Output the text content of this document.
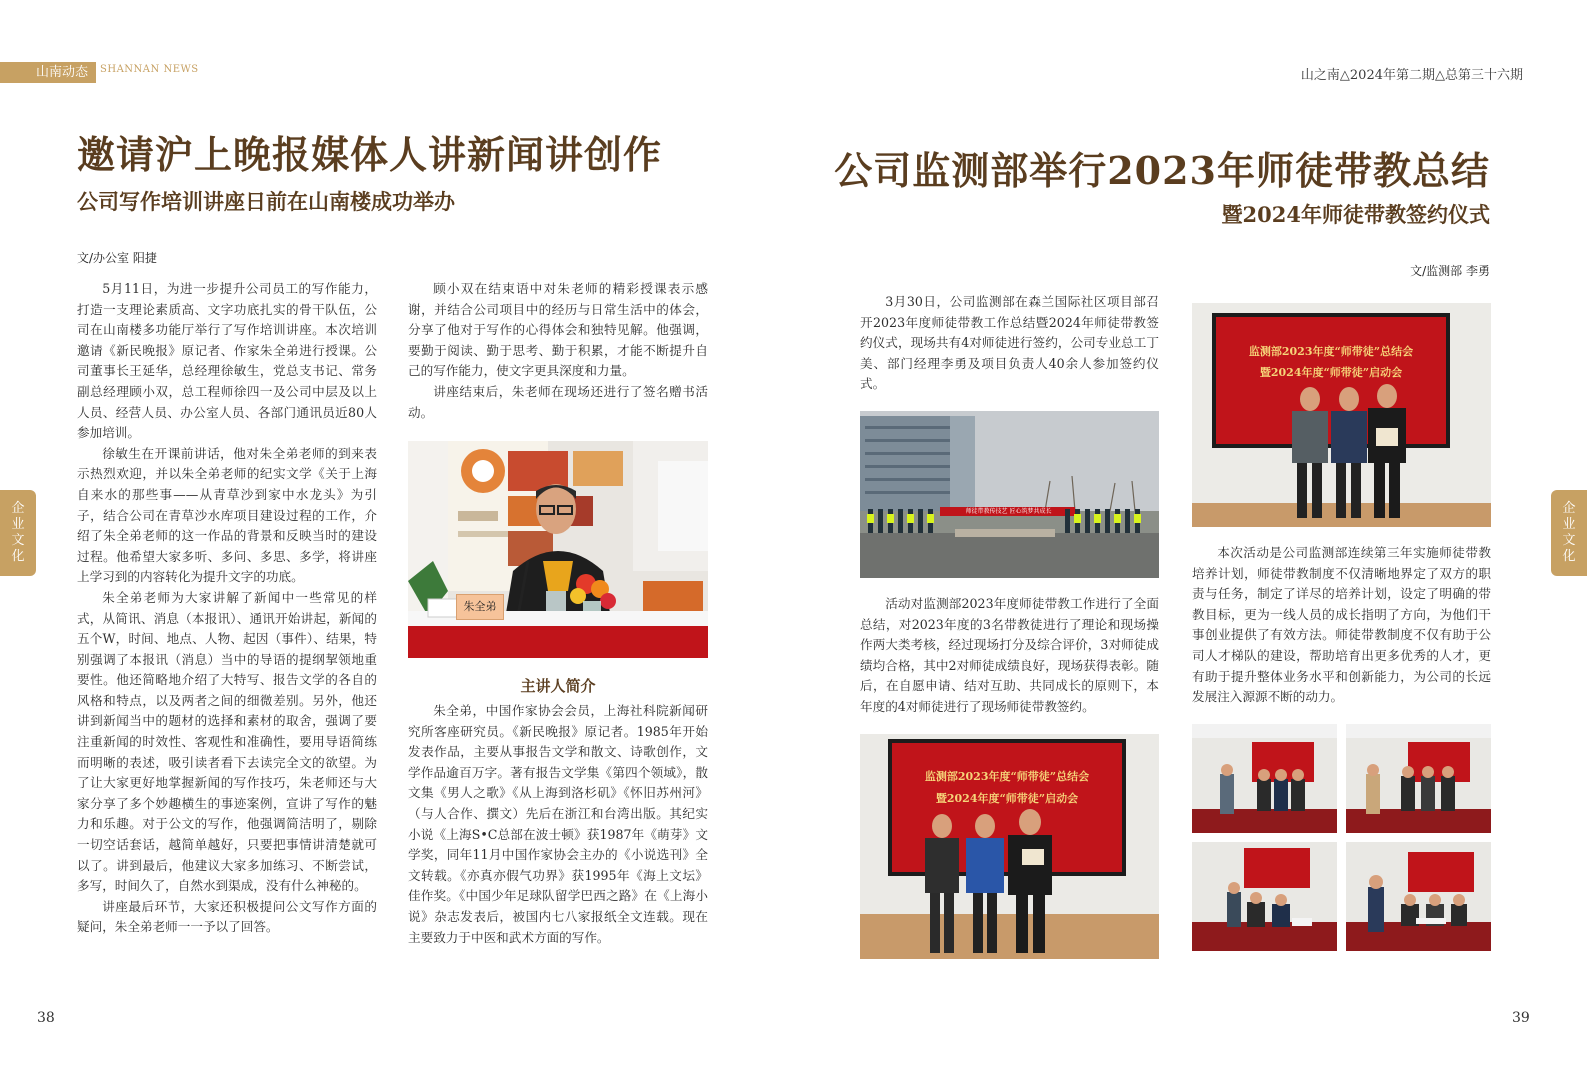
山南动态	SHANNAN NEWS	山之南△2024年第二期△总第三十六期
企
业
文
化
企
业
文
化
邀请沪上晚报媒体人讲新闻讲创作
公司写作培训讲座日前在山南楼成功举办
文/办公室 阳捷

5月11日，为进一步提升公司员工的写作能力，打造一支理论素质高、文字功底扎实的骨干队伍，公司在山南楼多功能厅举行了写作培训讲座。本次培训邀请《新民晚报》原记者、作家朱全弟进行授课。公司董事长王延华，总经理徐敏生，党总支书记、常务副总经理顾小双，总工程师徐四一及公司中层及以上人员、经营人员、办公室人员、各部门通讯员近80人参加培训。

徐敏生在开课前讲话，他对朱全弟老师的到来表示热烈欢迎，并以朱全弟老师的纪实文学《关于上海自来水的那些事——从青草沙到家中水龙头》为引子，结合公司在青草沙水库项目建设过程的工作，介绍了朱全弟老师的这一作品的背景和反映当时的建设过程。他希望大家多听、多问、多思、多学，将讲座上学习到的内容转化为提升文字的功底。

朱全弟老师为大家讲解了新闻中一些常见的样式，从简讯、消息（本报讯）、通讯开始讲起，新闻的五个W，时间、地点、人物、起因（事件）、结果，特别强调了本报讯（消息）当中的导语的提纲挈领地重要性。他还简略地介绍了大特写、报告文学的各自的风格和特点，以及两者之间的细微差别。另外，他还讲到新闻当中的题材的选择和素材的取舍，强调了要注重新闻的时效性、客观性和准确性，要用导语简练而明晰的表述，吸引读者看下去读完全文的欲望。为了让大家更好地掌握新闻的写作技巧，朱老师还与大家分享了多个妙趣横生的事迹案例，宣讲了写作的魅力和乐趣。对于公文的写作，他强调简洁明了，剔除一切空话套话，越简单越好，只要把事情讲清楚就可以了。讲到最后，他建议大家多加练习、不断尝试，多写，时间久了，自然水到渠成，没有什么神秘的。

讲座最后环节，大家还积极提问公文写作方面的疑问，朱全弟老师一一予以了回答。

顾小双在结束语中对朱老师的精彩授课表示感谢，并结合公司项目中的经历与日常生活中的体会，分享了他对于写作的心得体会和独特见解。他强调，要勤于阅读、勤于思考、勤于积累，才能不断提升自己的写作能力，使文字更具深度和力量。

讲座结束后，朱老师在现场还进行了签名赠书活动。

朱全弟
主讲人简介

朱全弟，中国作家协会会员，上海社科院新闻研究所客座研究员。《新民晚报》原记者。1985年开始发表作品，主要从事报告文学和散文、诗歌创作，文学作品逾百万字。著有报告文学集《第四个领域》，散文集《男人之歌》《从上海到洛杉矶》《怀旧苏州河》（与人合作、撰文）先后在浙江和台湾出版。其纪实小说《上海S•C总部在波士顿》获1987年《萌芽》文学奖，同年11月中国作家协会主办的《小说选刊》全文转载。《亦真亦假气功界》获1995年《海上文坛》佳作奖。《中国少年足球队留学巴西之路》在《上海小说》杂志发表后，被国内七八家报纸全文连载。现在主要致力于中医和武术方面的写作。

38
公司监测部举行2023年师徒带教总结
暨2024年师徒带教签约仪式
文/监测部 李勇

3月30日，公司监测部在森兰国际社区项目部召开2023年度师徒带教工作总结暨2024年师徒带教签约仪式，现场共有4对师徒进行签约，公司专业总工丁美、部门经理李勇及项目负责人40余人参加签约仪式。

师徒带教传技艺 匠心筑梦共成长

活动对监测部2023年度师徒带教工作进行了全面总结，对2023年度的3名带教徒进行了理论和现场操作两大类考核，经过现场打分及综合评价，3对师徒成绩均合格，其中2对师徒成绩良好，现场获得表彰。随后，在自愿申请、结对互助、共同成长的原则下，本年度的4对师徒进行了现场师徒带教签约。

监测部2023年度“师带徒”总结会
暨2024年度“师带徒”启动会
监测部2023年度“师带徒”总结会
暨2024年度“师带徒”启动会

本次活动是公司监测部连续第三年实施师徒带教培养计划，师徒带教制度不仅清晰地界定了双方的职责与任务，制定了详尽的培养计划，设定了明确的带教目标，更为一线人员的成长指明了方向，为他们干事创业提供了有效方法。师徒带教制度不仅有助于公司人才梯队的建设，帮助培育出更多优秀的人才，更有助于提升整体业务水平和创新能力，为公司的长远发展注入源源不断的动力。

39
